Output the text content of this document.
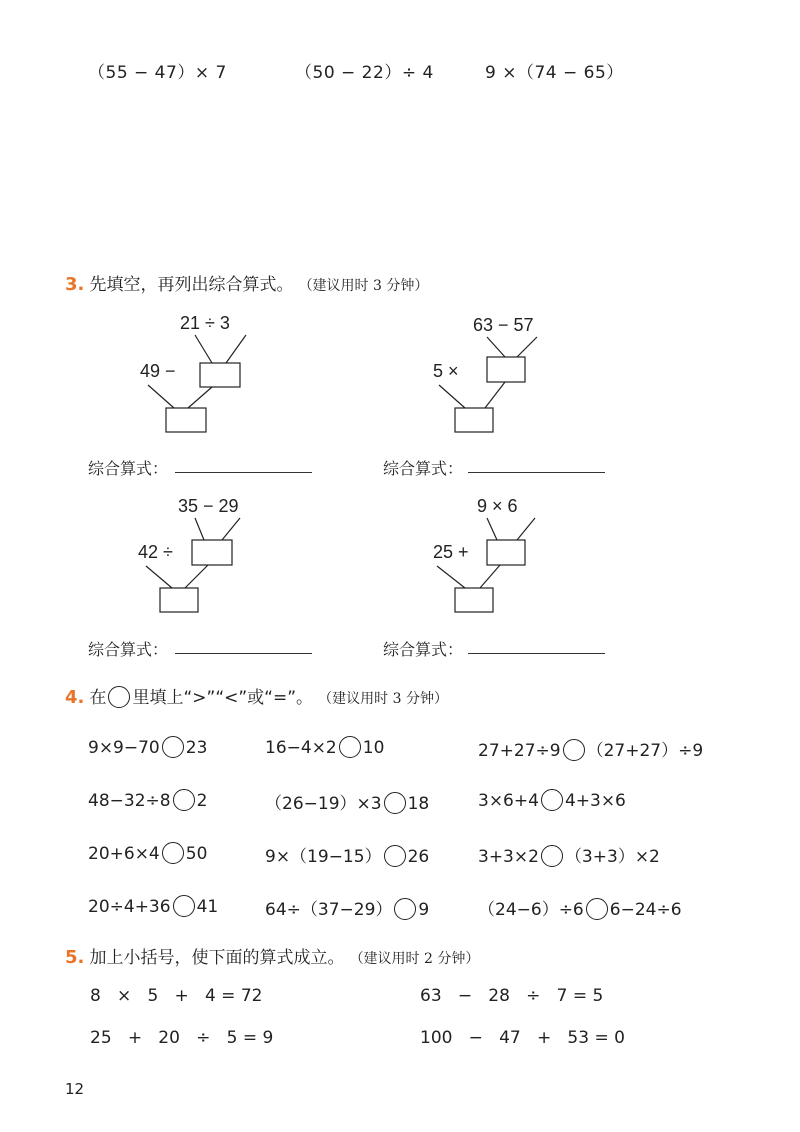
（55 − 47）× 7	（50 − 22）÷ 4	9 ×（74 − 65）
3. 先填空，再列出综合算式。 （建议用时 3 分钟）
21 ÷ 3
49 −
63 − 57
5 ×
综合算式：	综合算式：
35 − 29
42 ÷
9 × 6
25 +
综合算式：	综合算式：
4. 在 里填上“>”“<”或“=”。 （建议用时 3 分钟）
9×9−70 23	16−4×2 10	27+27÷9 （27+27）÷9
48−32÷8 2	（26−19）×3 18	3×6+4 4+3×6
20+6×4 50	9×（19−15） 26	3+3×2 （3+3）×2
20÷4+36 41	64÷（37−29） 9	（24−6）÷6 6−24÷6
5. 加上小括号，使下面的算式成立。 （建议用时 2 分钟）
8   ×   5   +   4 = 72	63   −   28   ÷   7 = 5
25   +   20   ÷   5 = 9	100   −   47   +   53 = 0
12
